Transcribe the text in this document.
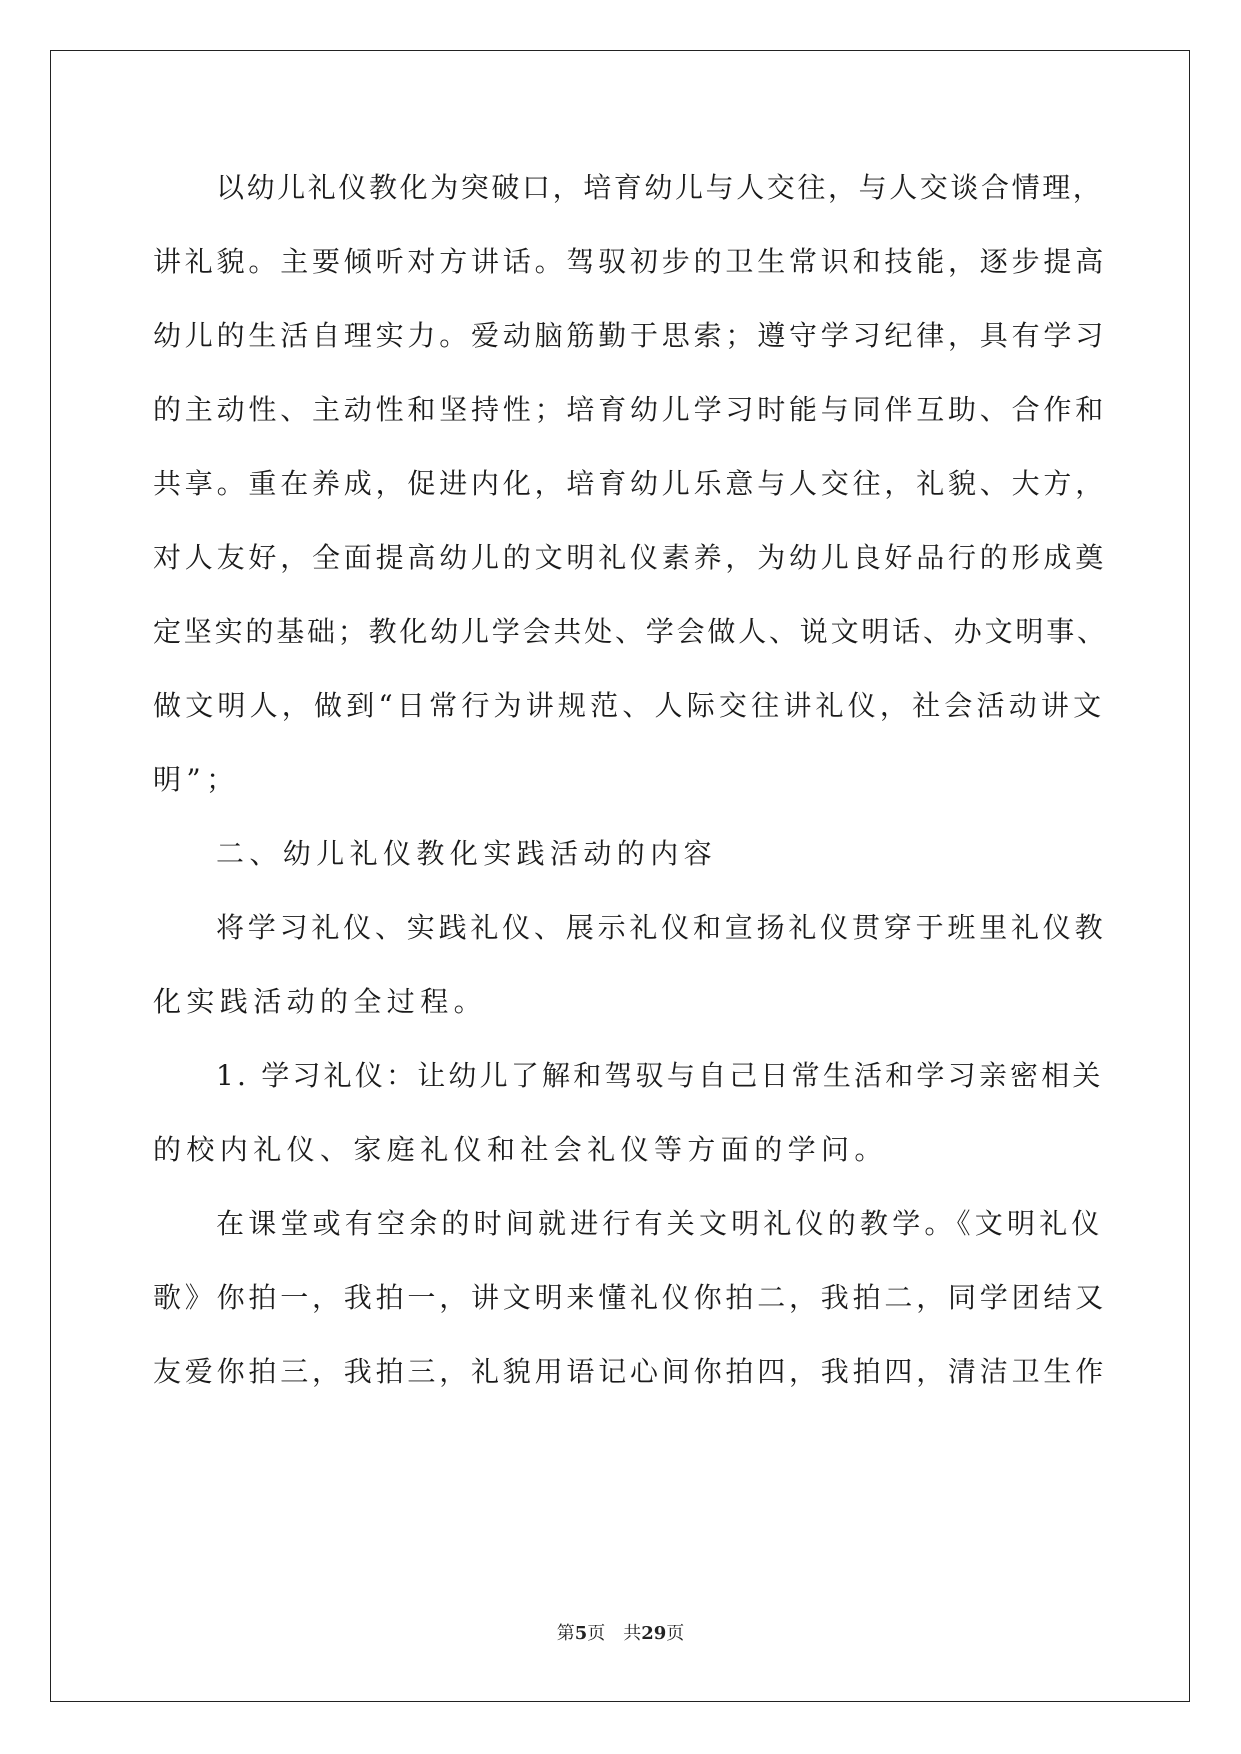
以幼儿礼仪教化为突破口，培育幼儿与人交往，与人交谈合情理，
讲礼貌。主要倾听对方讲话。驾驭初步的卫生常识和技能，逐步提高
幼儿的生活自理实力。爱动脑筋勤于思索；遵守学习纪律，具有学习
的主动性、主动性和坚持性；培育幼儿学习时能与同伴互助、合作和
共享。重在养成，促进内化，培育幼儿乐意与人交往，礼貌、大方，
对人友好，全面提高幼儿的文明礼仪素养，为幼儿良好品行的形成奠
定坚实的基础；教化幼儿学会共处、学会做人、说文明话、办文明事、
做文明人，做到“日常行为讲规范、人际交往讲礼仪，社会活动讲文
明”；
二、幼儿礼仪教化实践活动的内容
将学习礼仪、实践礼仪、展示礼仪和宣扬礼仪贯穿于班里礼仪教
化实践活动的全过程。
1. 学习礼仪：让幼儿了解和驾驭与自己日常生活和学习亲密相关
的校内礼仪、家庭礼仪和社会礼仪等方面的学问。
在课堂或有空余的时间就进行有关文明礼仪的教学。《文明礼仪
歌》你拍一，我拍一，讲文明来懂礼仪你拍二，我拍二，同学团结又
友爱你拍三，我拍三，礼貌用语记心间你拍四，我拍四，清洁卫生作
第5页 共29页
